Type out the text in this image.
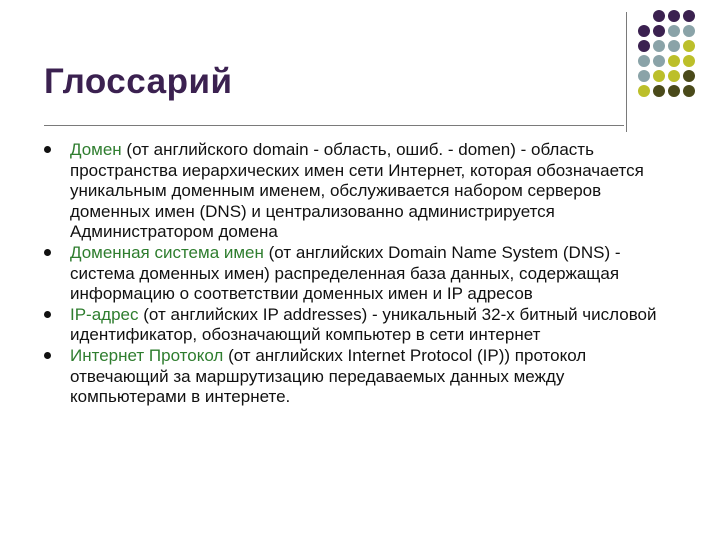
Глоссарий
Домен (от английского domain - область, ошиб. - domen) - область пространства иерархических имен сети Интернет, которая обозначается уникальным доменным именем, обслуживается набором серверов доменных имен (DNS) и централизованно администрируется Администратором домена
Доменная система имен (от английских Domain Name System (DNS) - система доменных имен) распределенная база данных, содержащая информацию о соответствии доменных имен и IP адресов
IP-адрес (от английских IP addresses) - уникальный 32-х битный числовой идентификатор, обозначающий компьютер в сети интернет
Интернет Протокол (от английских Internet Protocol (IP)) протокол отвечающий за маршрутизацию передаваемых данных между компьютерами в интернете.
